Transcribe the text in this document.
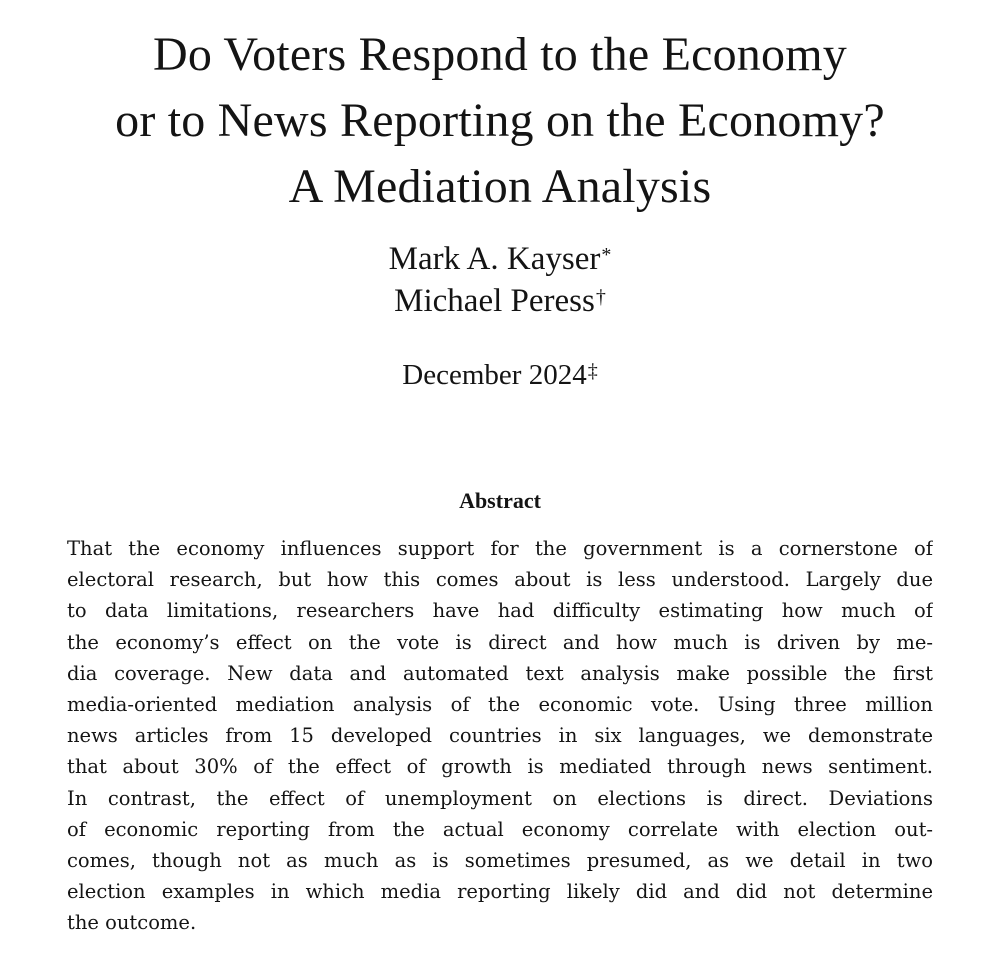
Do Voters Respond to the Economy
or to News Reporting on the Economy?
A Mediation Analysis
Mark A. Kayser*
Michael Peress†
December 2024‡
Abstract
That the economy influences support for the government is a cornerstone of
electoral research, but how this comes about is less understood. Largely due
to data limitations, researchers have had difficulty estimating how much of
the economy’s effect on the vote is direct and how much is driven by me-
dia coverage. New data and automated text analysis make possible the first
media-oriented mediation analysis of the economic vote. Using three million
news articles from 15 developed countries in six languages, we demonstrate
that about 30% of the effect of growth is mediated through news sentiment.
In contrast, the effect of unemployment on elections is direct. Deviations
of economic reporting from the actual economy correlate with election out-
comes, though not as much as is sometimes presumed, as we detail in two
election examples in which media reporting likely did and did not determine
the outcome.
